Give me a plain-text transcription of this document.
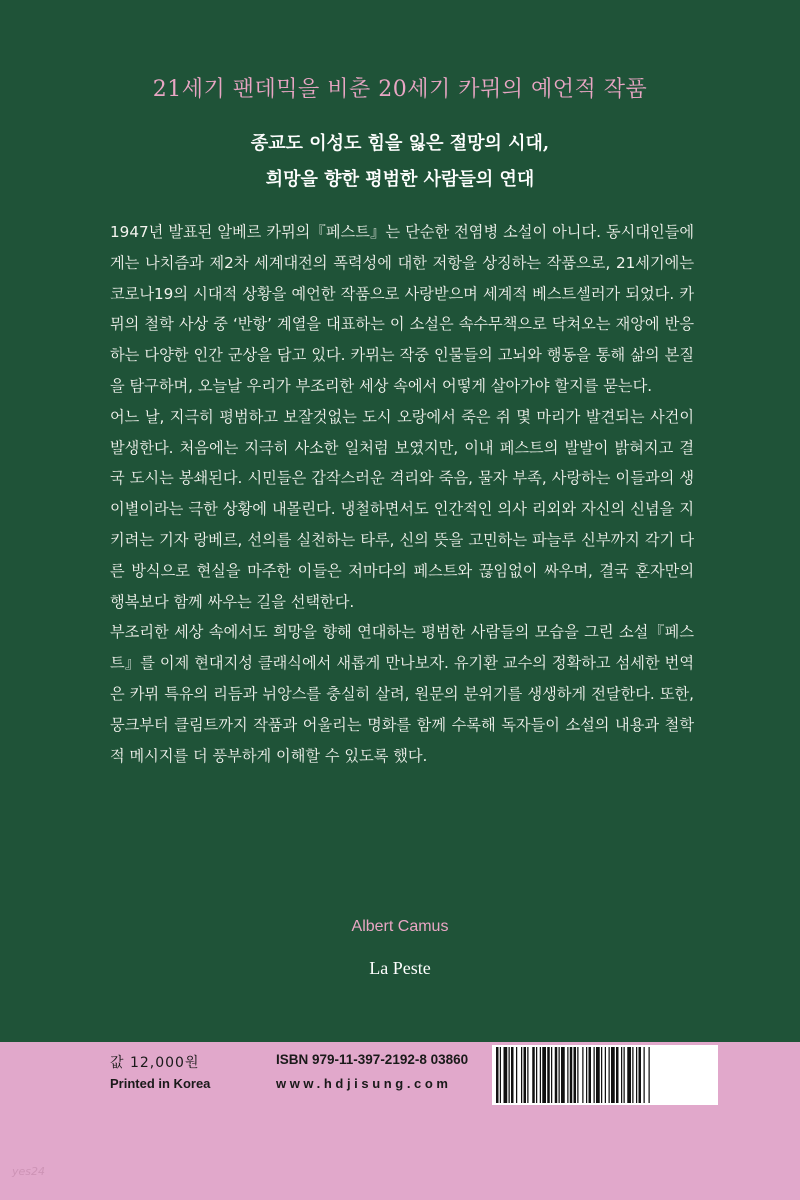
21세기 팬데믹을 비춘 20세기 카뮈의 예언적 작품
종교도 이성도 힘을 잃은 절망의 시대,
희망을 향한 평범한 사람들의 연대

1947년 발표된 알베르 카뮈의『페스트』는 단순한 전염병 소설이 아니다. 동시대인들에게는 나치즘과 제2차 세계대전의 폭력성에 대한 저항을 상징하는 작품으로, 21세기에는 코로나19의 시대적 상황을 예언한 작품으로 사랑받으며 세계적 베스트셀러가 되었다. 카뮈의 철학 사상 중 ‘반항’ 계열을 대표하는 이 소설은 속수무책으로 닥쳐오는 재앙에 반응하는 다양한 인간 군상을 담고 있다. 카뮈는 작중 인물들의 고뇌와 행동을 통해 삶의 본질을 탐구하며, 오늘날 우리가 부조리한 세상 속에서 어떻게 살아가야 할지를 묻는다.

어느 날, 지극히 평범하고 보잘것없는 도시 오랑에서 죽은 쥐 몇 마리가 발견되는 사건이 발생한다. 처음에는 지극히 사소한 일처럼 보였지만, 이내 페스트의 발발이 밝혀지고 결국 도시는 봉쇄된다. 시민들은 갑작스러운 격리와 죽음, 물자 부족, 사랑하는 이들과의 생이별이라는 극한 상황에 내몰린다. 냉철하면서도 인간적인 의사 리외와 자신의 신념을 지키려는 기자 랑베르, 선의를 실천하는 타루, 신의 뜻을 고민하는 파늘루 신부까지 각기 다른 방식으로 현실을 마주한 이들은 저마다의 페스트와 끊임없이 싸우며, 결국 혼자만의 행복보다 함께 싸우는 길을 선택한다.

부조리한 세상 속에서도 희망을 향해 연대하는 평범한 사람들의 모습을 그린 소설『페스트』를 이제 현대지성 클래식에서 새롭게 만나보자. 유기환 교수의 정확하고 섬세한 번역은 카뮈 특유의 리듬과 뉘앙스를 충실히 살려, 원문의 분위기를 생생하게 전달한다. 또한, 뭉크부터 클림트까지 작품과 어울리는 명화를 함께 수록해 독자들이 소설의 내용과 철학적 메시지를 더 풍부하게 이해할 수 있도록 했다.

Albert Camus
La Peste
값 12,000원
Printed in Korea
ISBN 979-11-397-2192-8 03860
www.hdjisung.com
yes24
